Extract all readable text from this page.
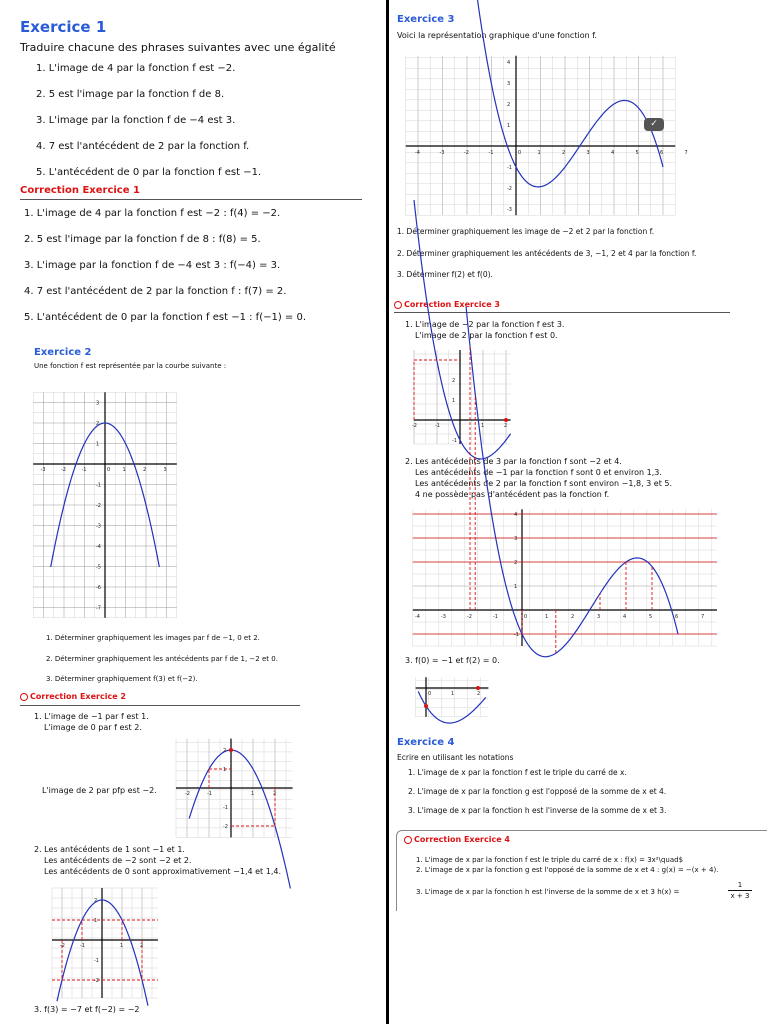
Exercice 1
Traduire chacune des phrases suivantes avec une égalité
1. L'image de 4 par la fonction f est −2.
2. 5 est l'image par la fonction f de 8.
3. L'image par la fonction f de −4 est 3.
4. 7 est l'antécédent de 2 par la fonction f.
5. L'antécédent de 0 par la fonction f est −1.
Correction Exercice 1
1. L'image de 4 par la fonction f est −2 : f(4) = −2.
2. 5 est l'image par la fonction f de 8 : f(8) = 5.
3. L'image par la fonction f de −4 est 3 : f(−4) = 3.
4. 7 est l'antécédent de 2 par la fonction f : f(7) = 2.
5. L'antécédent de 0 par la fonction f est −1 : f(−1) = 0.
Exercice 2
Une fonction f est représentée par la courbe suivante :
-3	-2	-1	1	2	3
0
3
2
1
-1
-2
-3
-4
-5
-6
-7
1. Déterminer graphiquement les images par f de −1, 0 et 2.
2. Déterminer graphiquement les antécédents par f de 1, −2 et 0.
3. Déterminer graphiquement f(3) et f(−2).
Correction Exercice 2
1. L'image de −1 par f est 1.
L'image de 0 par f est 2.
L'image de 2 par pfp est −2.	-2	-1	1	2
2
1
-1
-2
2. Les antécédents de 1 sont −1 et 1.
Les antécédents de −2 sont −2 et 2.
Les antécédents de 0 sont approximativement −1,4 et 1,4.
-2	-1	1	2
2
1
-1
-2
3. f(3) = −7 et f(−2) = −2
Exercice 3
Voici la représentation graphique d'une fonction f.
-4	-3	-2	-1	1	2	3	4	5	6	7
0
4
3
2
1
-1
-2
-3
✓
1. Déterminer graphiquement les image de −2 et 2 par la fonction f.
2. Déterminer graphiquement les antécédents de 3, −1, 2 et 4 par la fonction f.
3. Déterminer f(2) et f(0).
Correction Exercice 3
1. L'image de −2 par la fonction f est 3.
L'image de 2 par la fonction f est 0.
-2	-1	1	2
2
1
-1
2. Les antécédents de 3 par la fonction f sont −2 et 4.
Les antécédents de −1 par la fonction f sont 0 et environ 1,3.
Les antécédents de 2 par la fonction f sont environ −1,8, 3 et 5.
4 ne possède pas d'antécédent pas la fonction f.
-4	-3	-2	-1	1	2	3	4	5	6	7
0
4
3
2
1
-1
3. f(0) = −1 et f(2) = 0.
1	2
0
Exercice 4
Ecrire en utilisant les notations
1. L'image de x par la fonction f est le triple du carré de x.
2. L'image de x par la fonction g est l'opposé de la somme de x et 4.
3. L'image de x par la fonction h est l'inverse de la somme de x et 3.
Correction Exercice 4
1. L'image de x par la fonction f est le triple du carré de x : f(x) = 3x²\quad$
2. L'image de x par la fonction g est l'opposé de la somme de x et 4 : g(x) = −(x + 4).
3. L'image de x par la fonction h est l'inverse de la somme de x et 3 h(x) =
1
x + 3
